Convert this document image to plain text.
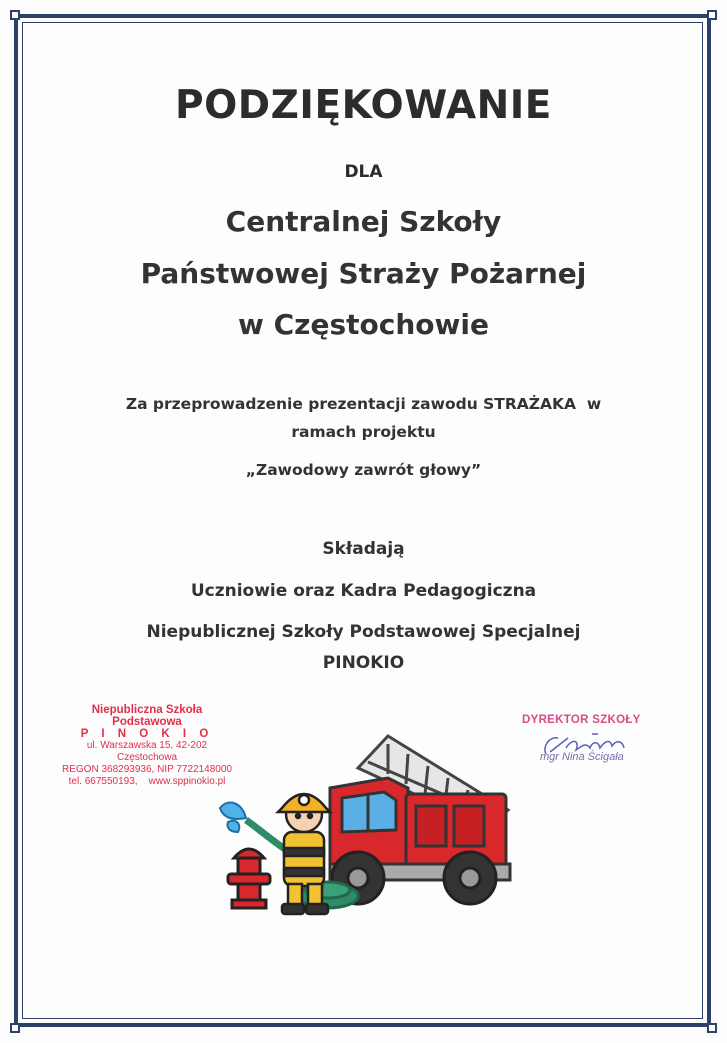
PODZIĘKOWANIE
DLA
Centralnej Szkoły
Państwowej Straży Pożarnej
w Częstochowie
Za przeprowadzenie prezentacji zawodu STRAŻAKA  w
ramach projektu
„Zawodowy zawrót głowy”
Składają
Uczniowie oraz Kadra Pedagogiczna
Niepublicznej Szkoły Podstawowej Specjalnej
PINOKIO
Niepubliczna Szkoła Podstawowa
P I N O K I O
ul. Warszawska 15, 42-202 Częstochowa
REGON 368293936, NIP 7722148000
tel. 667550193,    www.sppinokio.pl
DYREKTOR SZKOŁY
mgr Nina Ścigała
